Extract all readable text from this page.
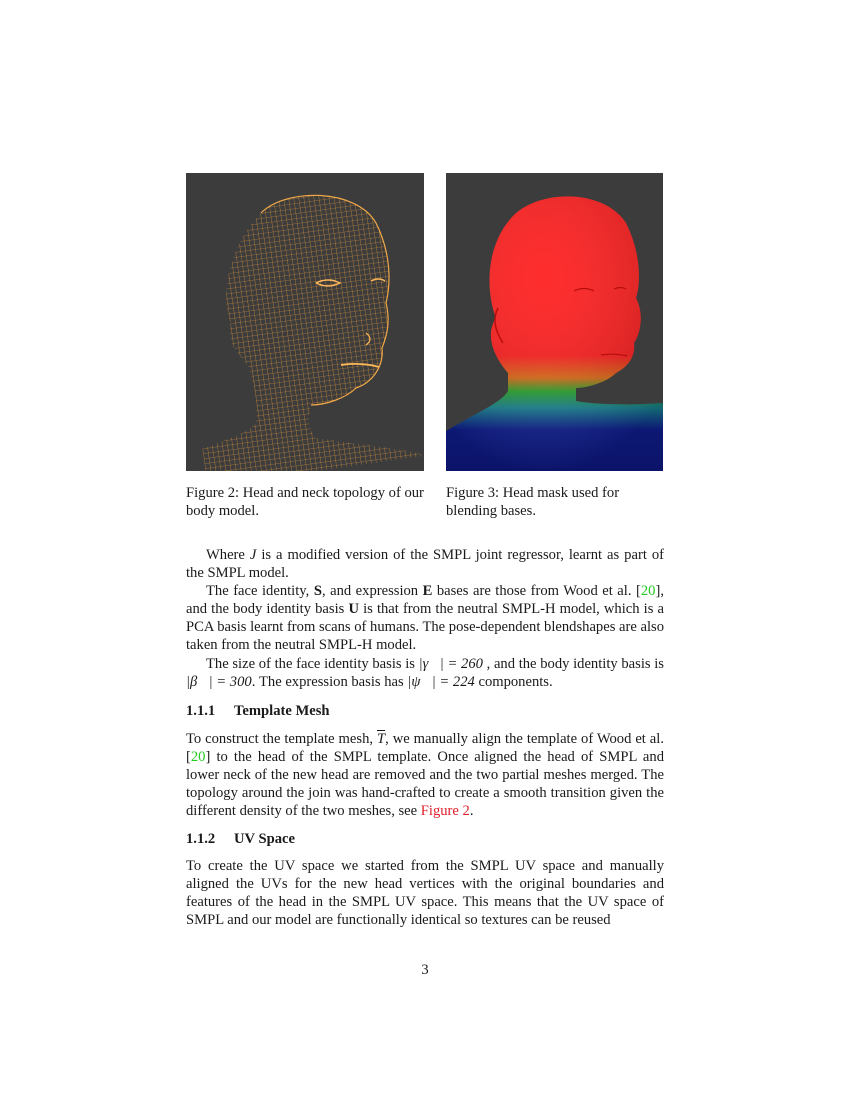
Figure 2: Head and neck topology of our body model.
Figure 3: Head mask used for blending bases.

Where J is a modified version of the SMPL joint regressor, learnt as part of the SMPL model.

The face identity, S, and expression E bases are those from Wood et al. [20], and the body identity basis U is that from the neutral SMPL-H model, which is a PCA basis learnt from scans of humans. The pose-dependent blendshapes are also taken from the neutral SMPL-H model.

The size of the face identity basis is |γ⃗| = 260 , and the body identity basis is |β⃗| = 300. The expression basis has |ψ⃗| = 224 components.

1.1.1 Template Mesh

To construct the template mesh, $\overline{T}$, we manually align the template of Wood et al. [20] to the head of the SMPL template. Once aligned the head of SMPL and lower neck of the new head are removed and the two partial meshes merged. The topology around the join was hand-crafted to create a smooth transition given the different density of the two meshes, see Figure 2.

1.1.2 UV Space

To create the UV space we started from the SMPL UV space and manually aligned the UVs for the new head vertices with the original boundaries and features of the head in the SMPL UV space. This means that the UV space of SMPL and our model are functionally identical so textures can be reused

3
